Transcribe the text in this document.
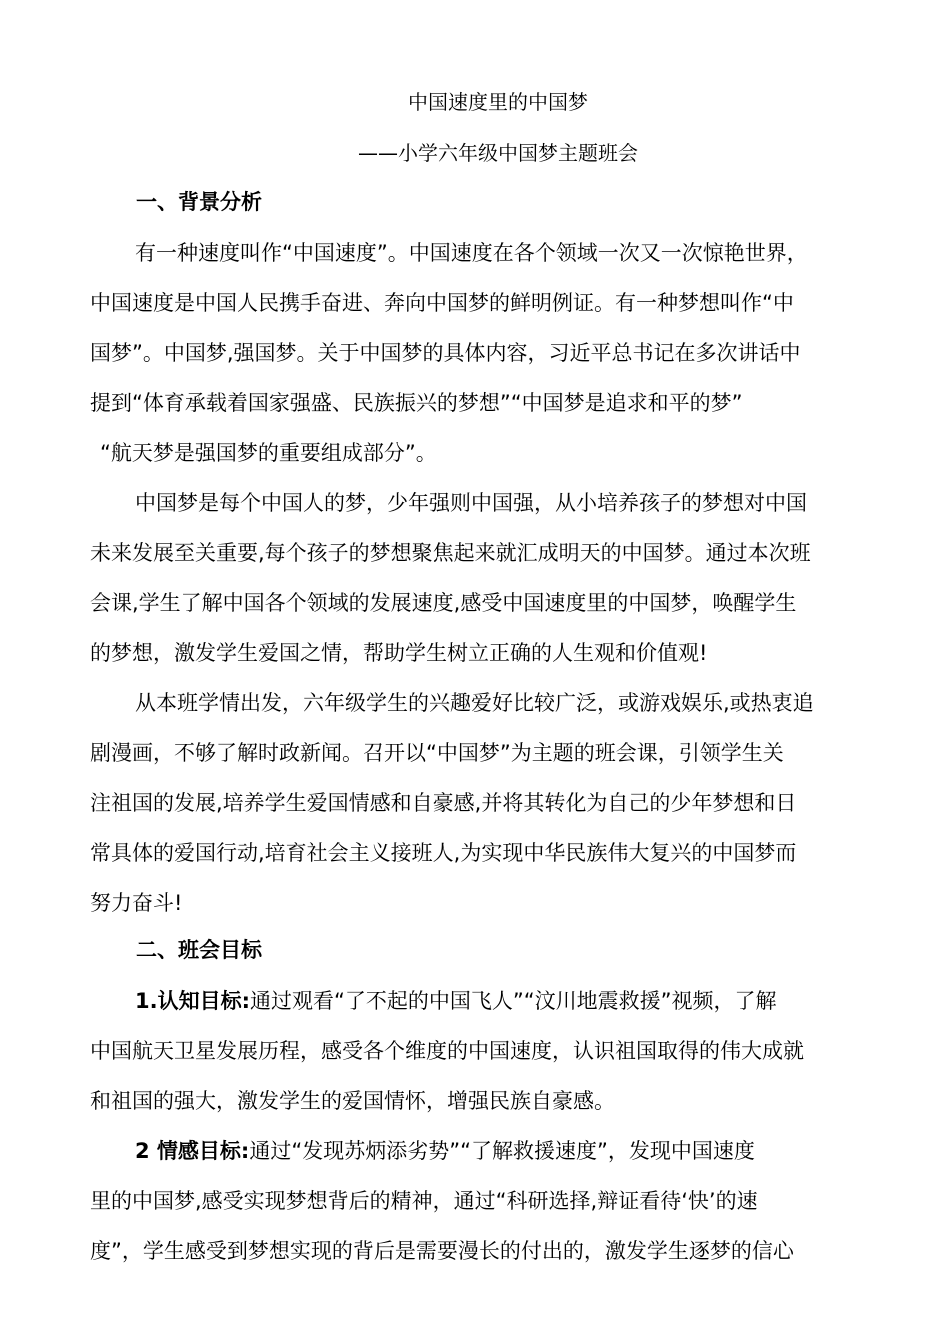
中国速度里的中国梦
——小学六年级中国梦主题班会
一、背景分析
有一种速度叫作“中国速度”。中国速度在各个领域一次又一次惊艳世界，
中国速度是中国人民携手奋进、奔向中国梦的鲜明例证。有一种梦想叫作“中
国梦”。中国梦,强国梦。关于中国梦的具体内容，习近平总书记在多次讲话中
提到“体育承载着国家强盛、民族振兴的梦想”“中国梦是追求和平的梦”
“航天梦是强国梦的重要组成部分”。
中国梦是每个中国人的梦，少年强则中国强，从小培养孩子的梦想对中国
未来发展至关重要,每个孩子的梦想聚焦起来就汇成明天的中国梦。通过本次班
会课,学生了解中国各个领域的发展速度,感受中国速度里的中国梦，唤醒学生
的梦想，激发学生爱国之情，帮助学生树立正确的人生观和价值观!
从本班学情出发，六年级学生的兴趣爱好比较广泛，或游戏娱乐,或热衷追
剧漫画，不够了解时政新闻。召开以“中国梦”为主题的班会课，引领学生关
注祖国的发展,培养学生爱国情感和自豪感,并将其转化为自己的少年梦想和日
常具体的爱国行动,培育社会主义接班人,为实现中华民族伟大复兴的中国梦而
努力奋斗!
二、班会目标
1.认知目标:通过观看“了不起的中国飞人”“汶川地震救援”视频，了解
中国航天卫星发展历程，感受各个维度的中国速度，认识祖国取得的伟大成就
和祖国的强大，激发学生的爱国情怀，增强民族自豪感。
2 情感目标:通过“发现苏炳添劣势”“了解救援速度”，发现中国速度
里的中国梦,感受实现梦想背后的精神，通过“科研选择,辩证看待‘快’的速
度”，学生感受到梦想实现的背后是需要漫长的付出的，激发学生逐梦的信心
